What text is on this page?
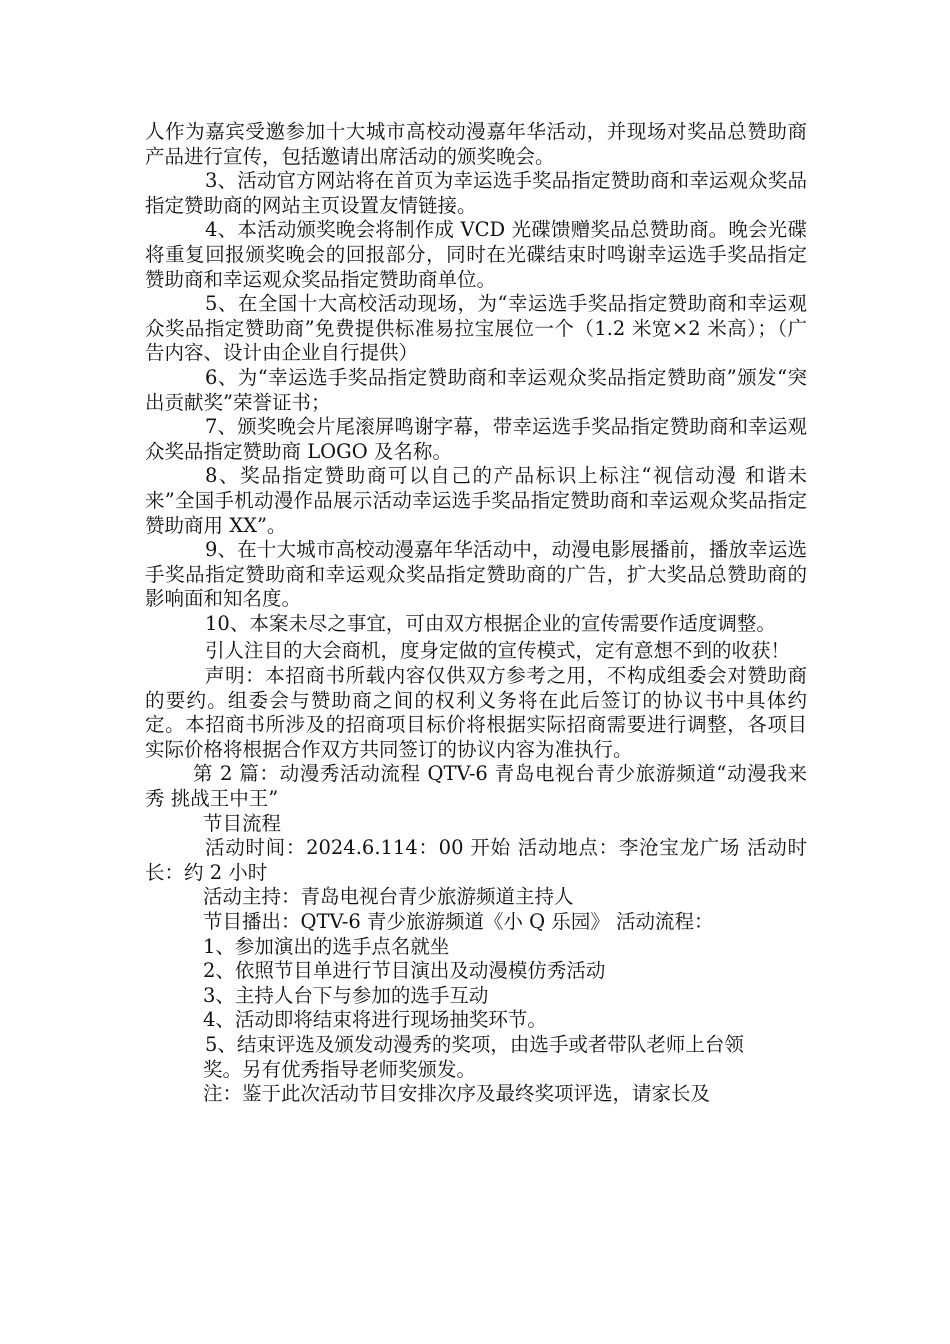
人作为嘉宾受邀参加十大城市高校动漫嘉年华活动，并现场对奖品总赞助商产品进行宣传，包括邀请出席活动的颁奖晚会。

3、活动官方网站将在首页为幸运选手奖品指定赞助商和幸运观众奖品指定赞助商的网站主页设置友情链接。

4、本活动颁奖晚会将制作成 VCD 光碟馈赠奖品总赞助商。晚会光碟将重复回报颁奖晚会的回报部分，同时在光碟结束时鸣谢幸运选手奖品指定赞助商和幸运观众奖品指定赞助商单位。

5、在全国十大高校活动现场，为“幸运选手奖品指定赞助商和幸运观众奖品指定赞助商”免费提供标准易拉宝展位一个（1.2 米宽×2 米高）；（广告内容、设计由企业自行提供）

6、为“幸运选手奖品指定赞助商和幸运观众奖品指定赞助商”颁发“突出贡献奖”荣誉证书；

7、颁奖晚会片尾滚屏鸣谢字幕，带幸运选手奖品指定赞助商和幸运观众奖品指定赞助商 LOGO 及名称。

8、奖品指定赞助商可以自己的产品标识上标注“视信动漫 和谐未来”全国手机动漫作品展示活动幸运选手奖品指定赞助商和幸运观众奖品指定赞助商用 XX”。

9、在十大城市高校动漫嘉年华活动中，动漫电影展播前，播放幸运选手奖品指定赞助商和幸运观众奖品指定赞助商的广告，扩大奖品总赞助商的影响面和知名度。

10、本案未尽之事宜，可由双方根据企业的宣传需要作适度调整。

引人注目的大会商机，度身定做的宣传模式，定有意想不到的收获！

声明：本招商书所载内容仅供双方参考之用，不构成组委会对赞助商的要约。组委会与赞助商之间的权利义务将在此后签订的协议书中具体约定。本招商书所涉及的招商项目标价将根据实际招商需要进行调整，各项目实际价格将根据合作双方共同签订的协议内容为准执行。

第 2 篇：动漫秀活动流程 QTV-6 青岛电视台青少旅游频道“动漫我来秀 挑战王中王”

节目流程

活动时间：2024.6.114：00 开始 活动地点：李沧宝龙广场 活动时长：约 2 小时

活动主持：青岛电视台青少旅游频道主持人

节目播出：QTV-6 青少旅游频道《小 Q 乐园》 活动流程：

1、参加演出的选手点名就坐

2、依照节目单进行节目演出及动漫模仿秀活动

3、主持人台下与参加的选手互动

4、活动即将结束将进行现场抽奖环节。

5、结束评选及颁发动漫秀的奖项，由选手或者带队老师上台领

奖。另有优秀指导老师奖颁发。

注：鉴于此次活动节目安排次序及最终奖项评选，请家长及
